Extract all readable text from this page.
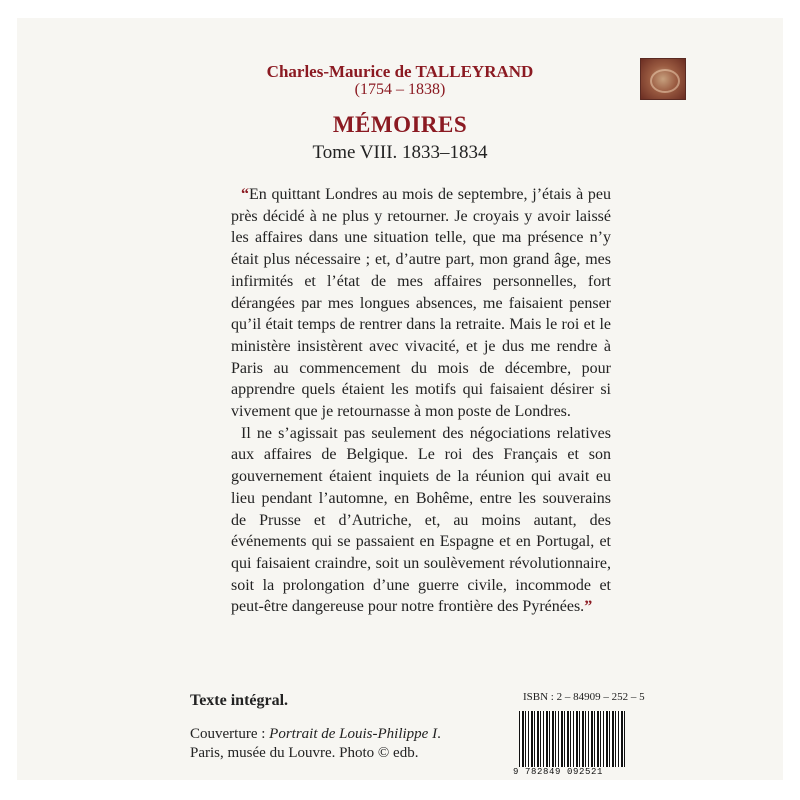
Charles-Maurice de TALLEYRAND
(1754 – 1838)
MÉMOIRES
Tome VIII. 1833–1834

“En quittant Londres au mois de septembre, j’étais à peu près décidé à ne plus y retourner. Je croyais y avoir laissé les affaires dans une situation telle, que ma présence n’y était plus nécessaire ; et, d’autre part, mon grand âge, mes infirmités et l’état de mes affaires personnelles, fort dérangées par mes longues absences, me faisaient penser qu’il était temps de rentrer dans la retraite. Mais le roi et le ministère insistèrent avec vivacité, et je dus me rendre à Paris au commencement du mois de décembre, pour apprendre quels étaient les motifs qui faisaient désirer si vivement que je retournasse à mon poste de Londres.

Il ne s’agissait pas seulement des négociations relatives aux affaires de Belgique. Le roi des Français et son gouvernement étaient inquiets de la réunion qui avait eu lieu pendant l’automne, en Bohême, entre les souverains de Prusse et d’Autriche, et, au moins autant, des événements qui se passaient en Espagne et en Portugal, et qui faisaient craindre, soit un soulèvement révolutionnaire, soit la prolongation d’une guerre civile, incommode et peut-être dangereuse pour notre frontière des Pyrénées.”

Texte intégral.
Couverture : Portrait de Louis-Philippe I.
Paris, musée du Louvre. Photo © edb.
ISBN : 2 – 84909 – 252 – 5
9 782849 092521
